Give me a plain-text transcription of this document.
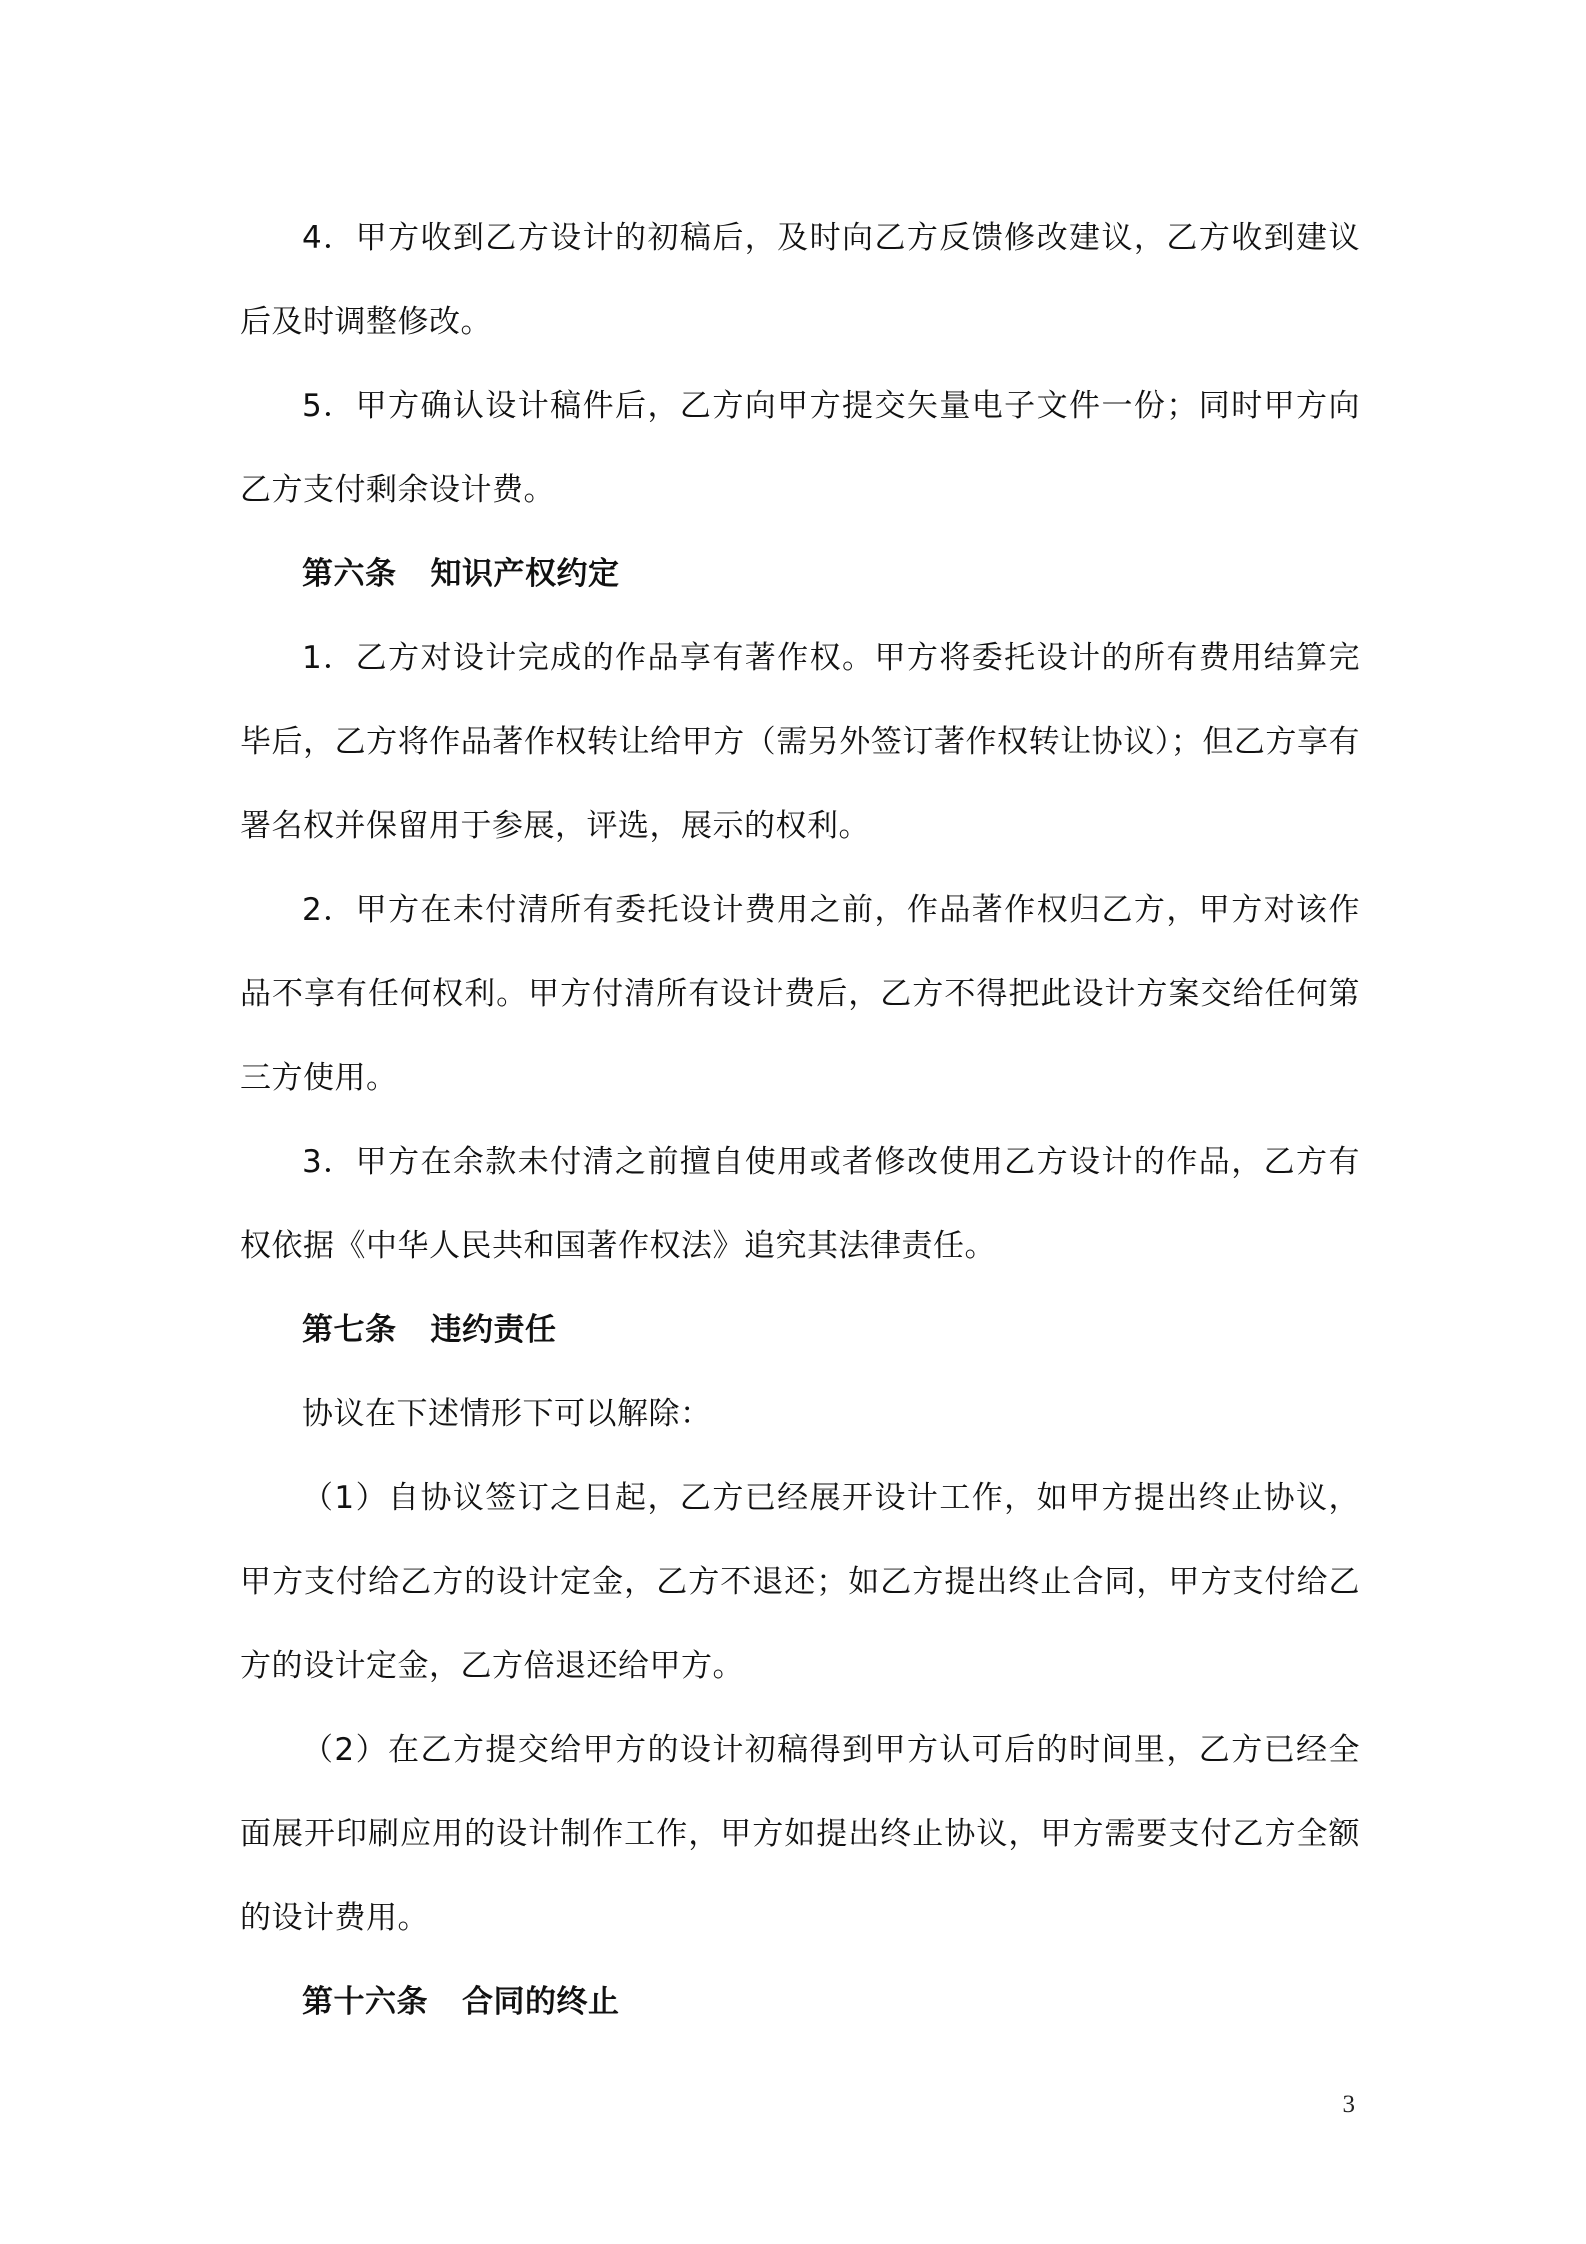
4．甲方收到乙方设计的初稿后，及时向乙方反馈修改建议，乙方收到建议后及时调整修改。

5．甲方确认设计稿件后，乙方向甲方提交矢量电子文件一份；同时甲方向乙方支付剩余设计费。

第六条 知识产权约定

1．乙方对设计完成的作品享有著作权。甲方将委托设计的所有费用结算完毕后，乙方将作品著作权转让给甲方（需另外签订著作权转让协议）；但乙方享有署名权并保留用于参展，评选，展示的权利。

2．甲方在未付清所有委托设计费用之前，作品著作权归乙方，甲方对该作品不享有任何权利。甲方付清所有设计费后，乙方不得把此设计方案交给任何第三方使用。

3．甲方在余款未付清之前擅自使用或者修改使用乙方设计的作品，乙方有权依据《中华人民共和国著作权法》追究其法律责任。

第七条 违约责任

协议在下述情形下可以解除：

（1）自协议签订之日起，乙方已经展开设计工作，如甲方提出终止协议，甲方支付给乙方的设计定金，乙方不退还；如乙方提出终止合同，甲方支付给乙方的设计定金，乙方倍退还给甲方。

（2）在乙方提交给甲方的设计初稿得到甲方认可后的时间里，乙方已经全面展开印刷应用的设计制作工作，甲方如提出终止协议，甲方需要支付乙方全额的设计费用。

第十六条 合同的终止

3
